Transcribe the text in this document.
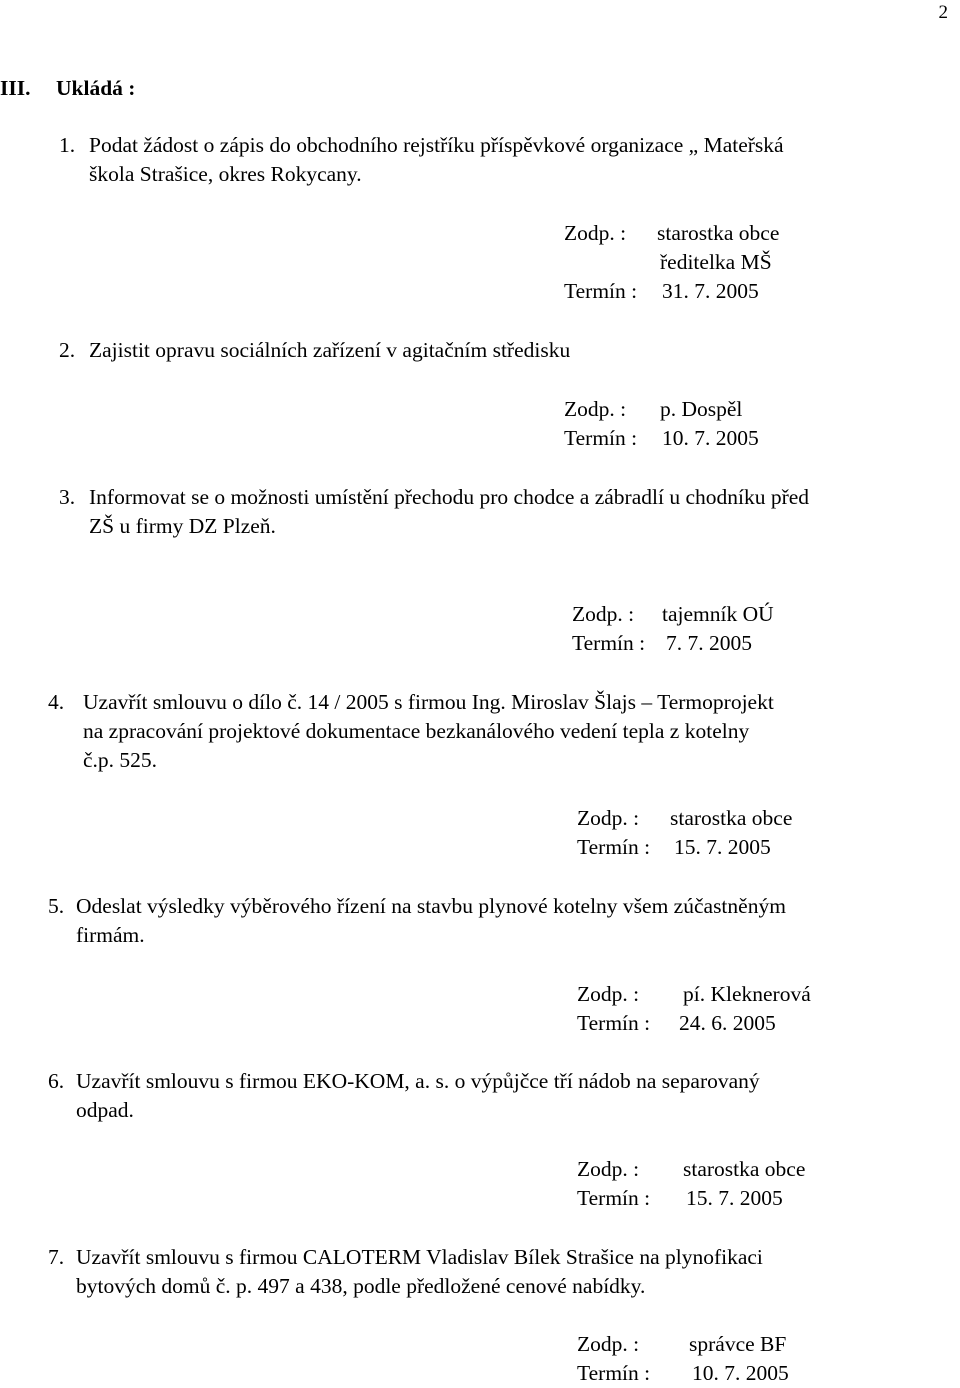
2
III. Ukládá :
1. Podat žádost o zápis do obchodního rejstříku příspěvkové organizace „ Mateřská
škola Strašice, okres Rokycany.
Zodp. : starostka obce
ředitelka MŠ
Termín : 31. 7. 2005
2. Zajistit opravu sociálních zařízení v agitačním středisku
Zodp. : p. Dospěl
Termín : 10. 7. 2005
3. Informovat se o možnosti umístění přechodu pro chodce a zábradlí u chodníku před
ZŠ u firmy DZ Plzeň.
Zodp. : tajemník OÚ
Termín : 7. 7. 2005
4. Uzavřít smlouvu o dílo č. 14 / 2005 s firmou Ing. Miroslav Šlajs – Termoprojekt
na zpracování projektové dokumentace bezkanálového vedení tepla z kotelny
č.p. 525.
Zodp. : starostka obce
Termín : 15. 7. 2005
5. Odeslat výsledky výběrového řízení na stavbu plynové kotelny všem zúčastněným
firmám.
Zodp. : pí. Kleknerová
Termín : 24. 6. 2005
6. Uzavřít smlouvu s firmou EKO-KOM, a. s. o výpůjčce tří nádob na separovaný
odpad.
Zodp. : starostka obce
Termín : 15. 7. 2005
7. Uzavřít smlouvu s firmou CALOTERM Vladislav Bílek Strašice na plynofikaci
bytových domů č. p. 497 a 438, podle předložené cenové nabídky.
Zodp. : správce BF
Termín : 10. 7. 2005
